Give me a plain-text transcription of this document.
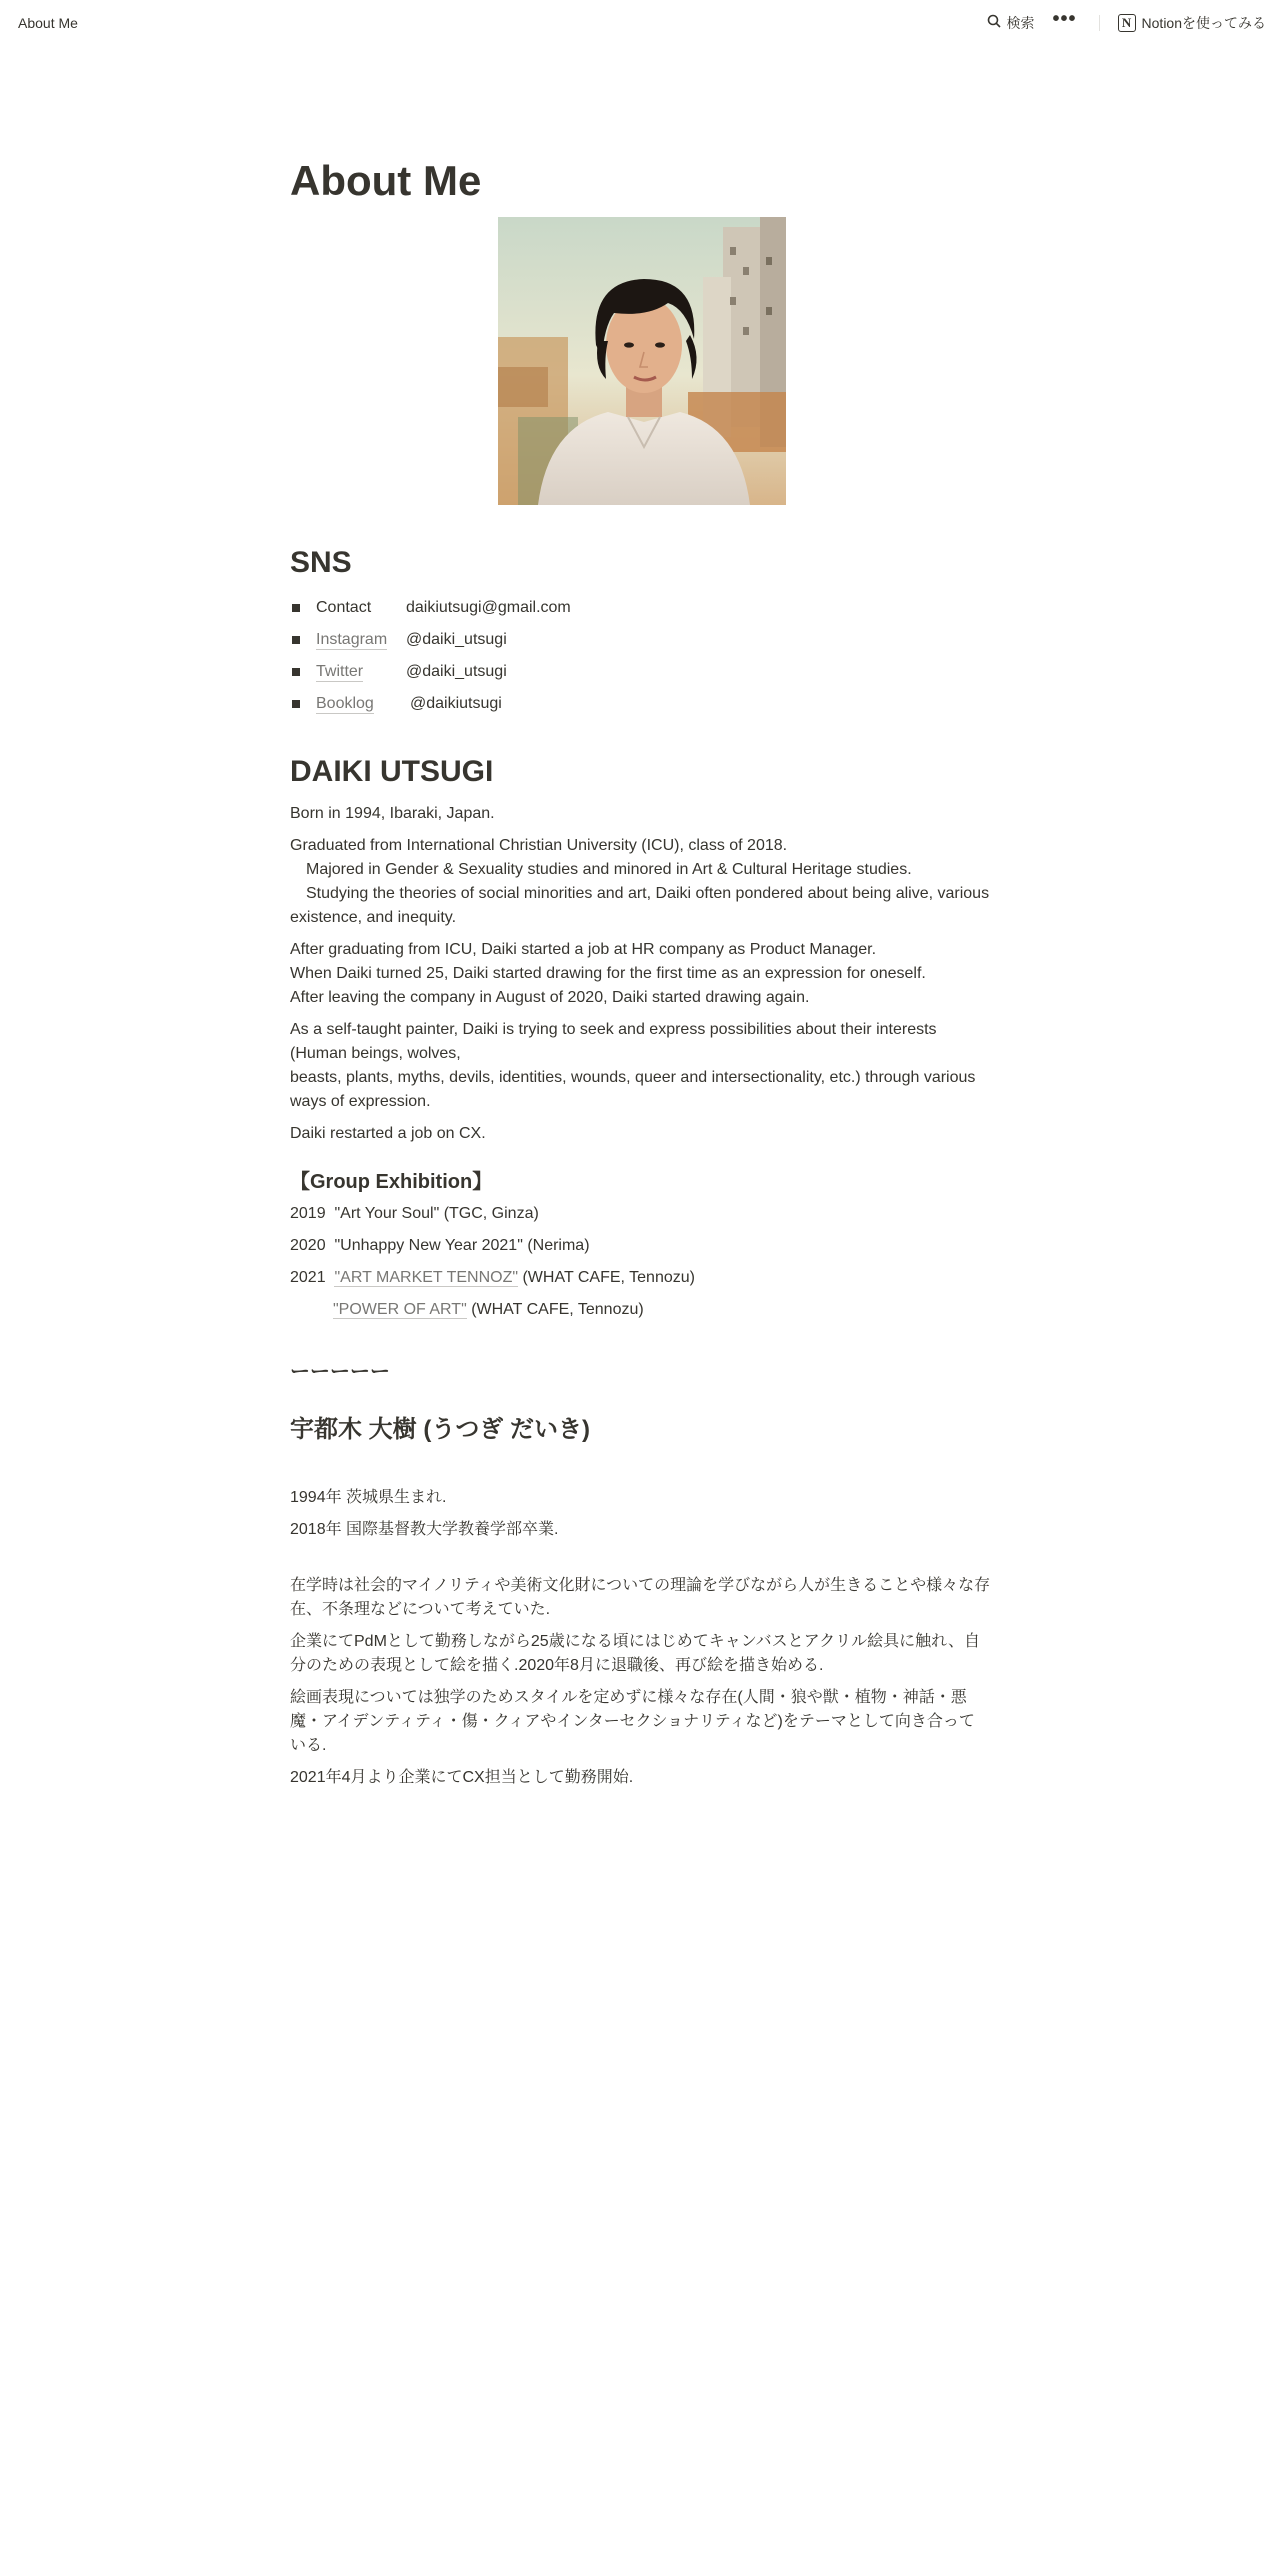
About Me	検索 •••	N Notionを使ってみる
About Me
SNS
Contact daikiutsugi@gmail.com
Instagram @daiki_utsugi
Twitter	@daiki_utsugi
Booklog @daikiutsugi
DAIKI UTSUGI

Born in 1994, Ibaraki, Japan.

Graduated from International Christian University (ICU), class of 2018.
Majored in Gender & Sexuality studies and minored in Art & Cultural Heritage studies.
Studying the theories of social minorities and art, Daiki often pondered about being alive, various
existence, and inequity.
After graduating from ICU, Daiki started a job at HR company as Product Manager.
When Daiki turned 25, Daiki started drawing for the first time as an expression for oneself.
After leaving the company in August of 2020, Daiki started drawing again.
As a self-taught painter, Daiki is trying to seek and express possibilities about their interests
(Human beings, wolves,
beasts, plants, myths, devils, identities, wounds, queer and intersectionality, etc.) through various
ways of expression.

Daiki restarted a job on CX.

【Group Exhibition】
2019 "Art Your Soul" (TGC, Ginza)
2020 "Unhappy New Year 2021" (Nerima)
2021 "ART MARKET TENNOZ" (WHAT CAFE, Tennozu)
"POWER OF ART" (WHAT CAFE, Tennozu)
ーーーーー
宇都木 大樹 (うつぎ だいき)

1994年 茨城県生まれ.

2018年 国際基督教大学教養学部卒業.

在学時は社会的マイノリティや美術文化財についての理論を学びながら人が生きることや様々な存
在、不条理などについて考えていた.
企業にてPdMとして勤務しながら25歳になる頃にはじめてキャンバスとアクリル絵具に触れ、自
分のための表現として絵を描く.2020年8月に退職後、再び絵を描き始める.
絵画表現については独学のためスタイルを定めずに様々な存在(人間・狼や獣・植物・神話・悪
魔・アイデンティティ・傷・クィアやインターセクショナリティなど)をテーマとして向き合って
いる.

2021年4月より企業にてCX担当として勤務開始.
